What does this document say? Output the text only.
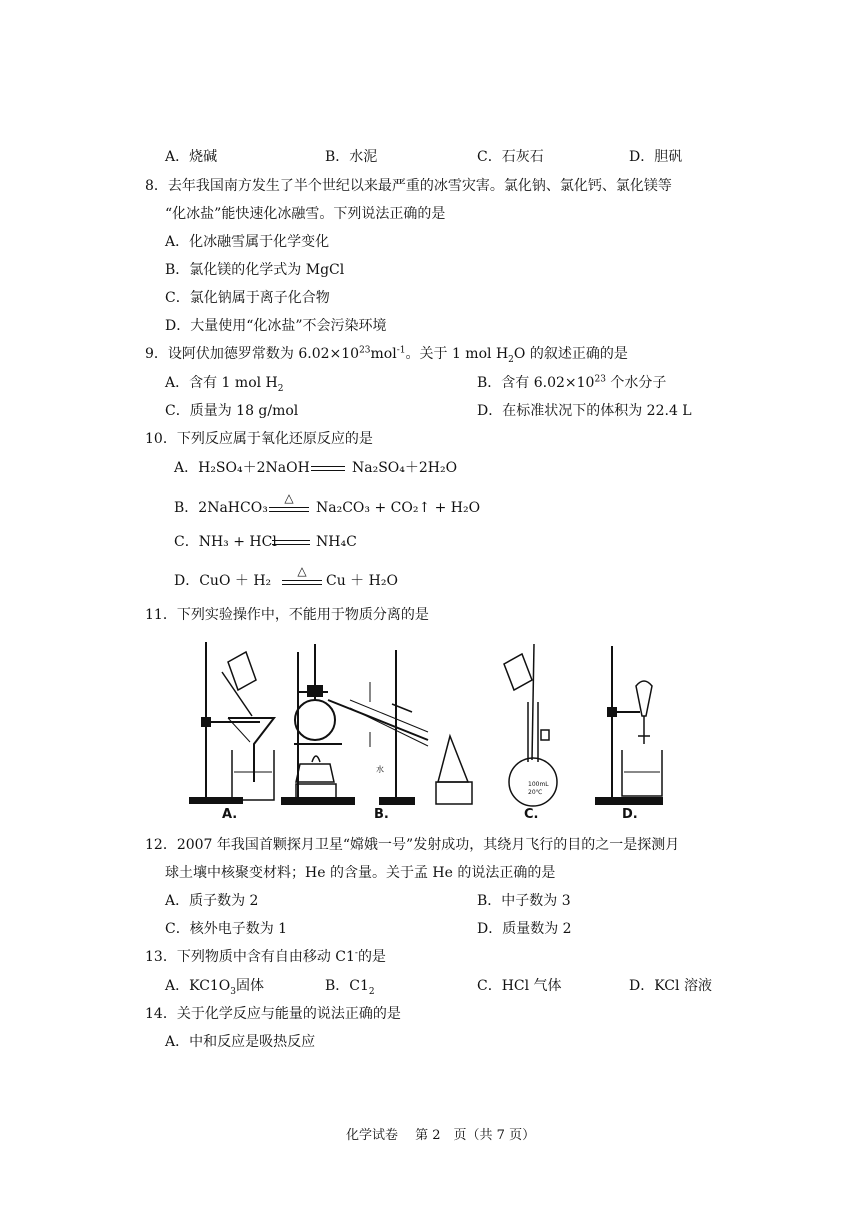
A．烧碱	B．水泥	C．石灰石	D．胆矾
8．去年我国南方发生了半个世纪以来最严重的冰雪灾害。氯化钠、氯化钙、氯化镁等
“化冰盐”能快速化冰融雪。下列说法正确的是
A．化冰融雪属于化学变化
B．氯化镁的化学式为 MgCl
C．氯化钠属于离子化合物
D．大量使用“化冰盐”不会污染环境
9．设阿伏加德罗常数为 $6.02\times 10^{23}mol^{-1}$。关于 1 mol $H_2O$ 的叙述正确的是
A．含有 1 mol $H_2$	B．含有 $6.02\times 10^{23}$ 个水分子
C．质量为 18 g/mol	D．在标准状况下的体积为 22.4 L
10．下列反应属于氧化还原反应的是
A．H₂SO₄＋2NaOH	Na₂SO₄＋2H₂O
B．2NaHCO₃
△
Na₂CO₃ + CO₂↑ + H₂O
C．NH₃ + HCl	NH₄C
D．CuO ＋ H₂
△
Cu ＋ H₂O
11．下列实验操作中，不能用于物质分离的是
100mL
20℃
水
A.	B.	C.	D.
12．2007 年我国首颗探月卫星“嫦娥一号”发射成功，其绕月飞行的目的之一是探测月
球土壤中核聚变材料；He 的含量。关于孟 He 的说法正确的是
A．质子数为 2	B．中子数为 3
C．核外电子数为 1	D．质量数为 2
13．下列物质中含有自由移动 C1-的是
A．$KC1O_3$固体	B．$C1_2$	C．HCl 气体	D．KCl 溶液
14．关于化学反应与能量的说法正确的是
A．中和反应是吸热反应
化学试卷　 第 2　页（共 7 页）
